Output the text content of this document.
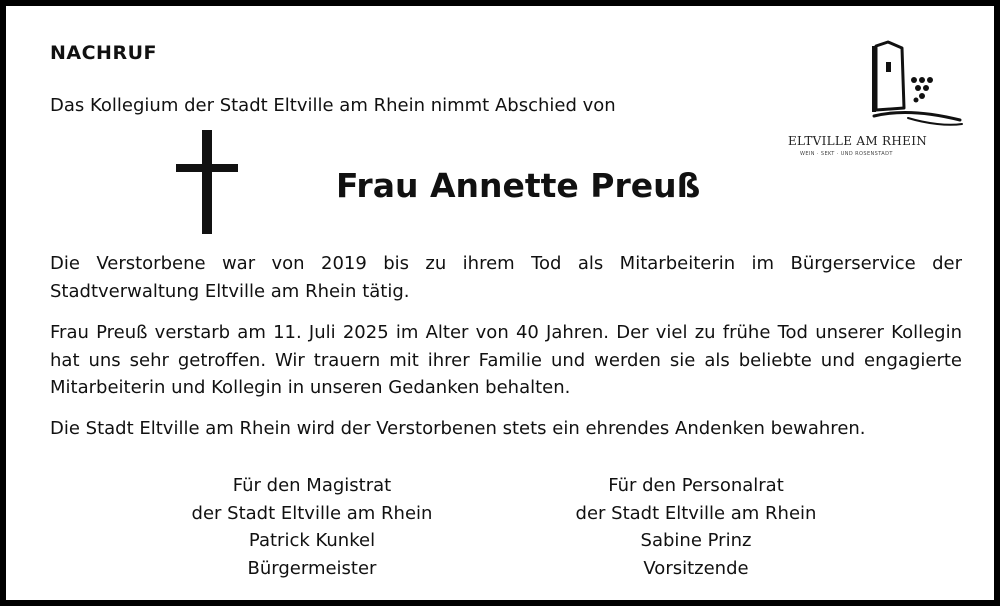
NACHRUF
Das Kollegium der Stadt Eltville am Rhein nimmt Abschied von
Frau Annette Preuß

Die Verstorbene war von 2019 bis zu ihrem Tod als Mitarbeiterin im Bürgerservice der Stadtverwaltung Eltville am Rhein tätig.

Frau Preuß verstarb am 11. Juli 2025 im Alter von 40 Jahren. Der viel zu frühe Tod unserer Kollegin hat uns sehr getroffen. Wir trauern mit ihrer Familie und werden sie als beliebte und engagierte Mitarbeiterin und Kollegin in unseren Gedanken behalten.

Die Stadt Eltville am Rhein wird der Verstorbenen stets ein ehrendes Andenken bewahren.

Für den Magistrat
der Stadt Eltville am Rhein
Patrick Kunkel
Bürgermeister
Für den Personalrat
der Stadt Eltville am Rhein
Sabine Prinz
Vorsitzende
ELTVILLE AM RHEIN
WEIN · SEKT · UND ROSENSTADT
